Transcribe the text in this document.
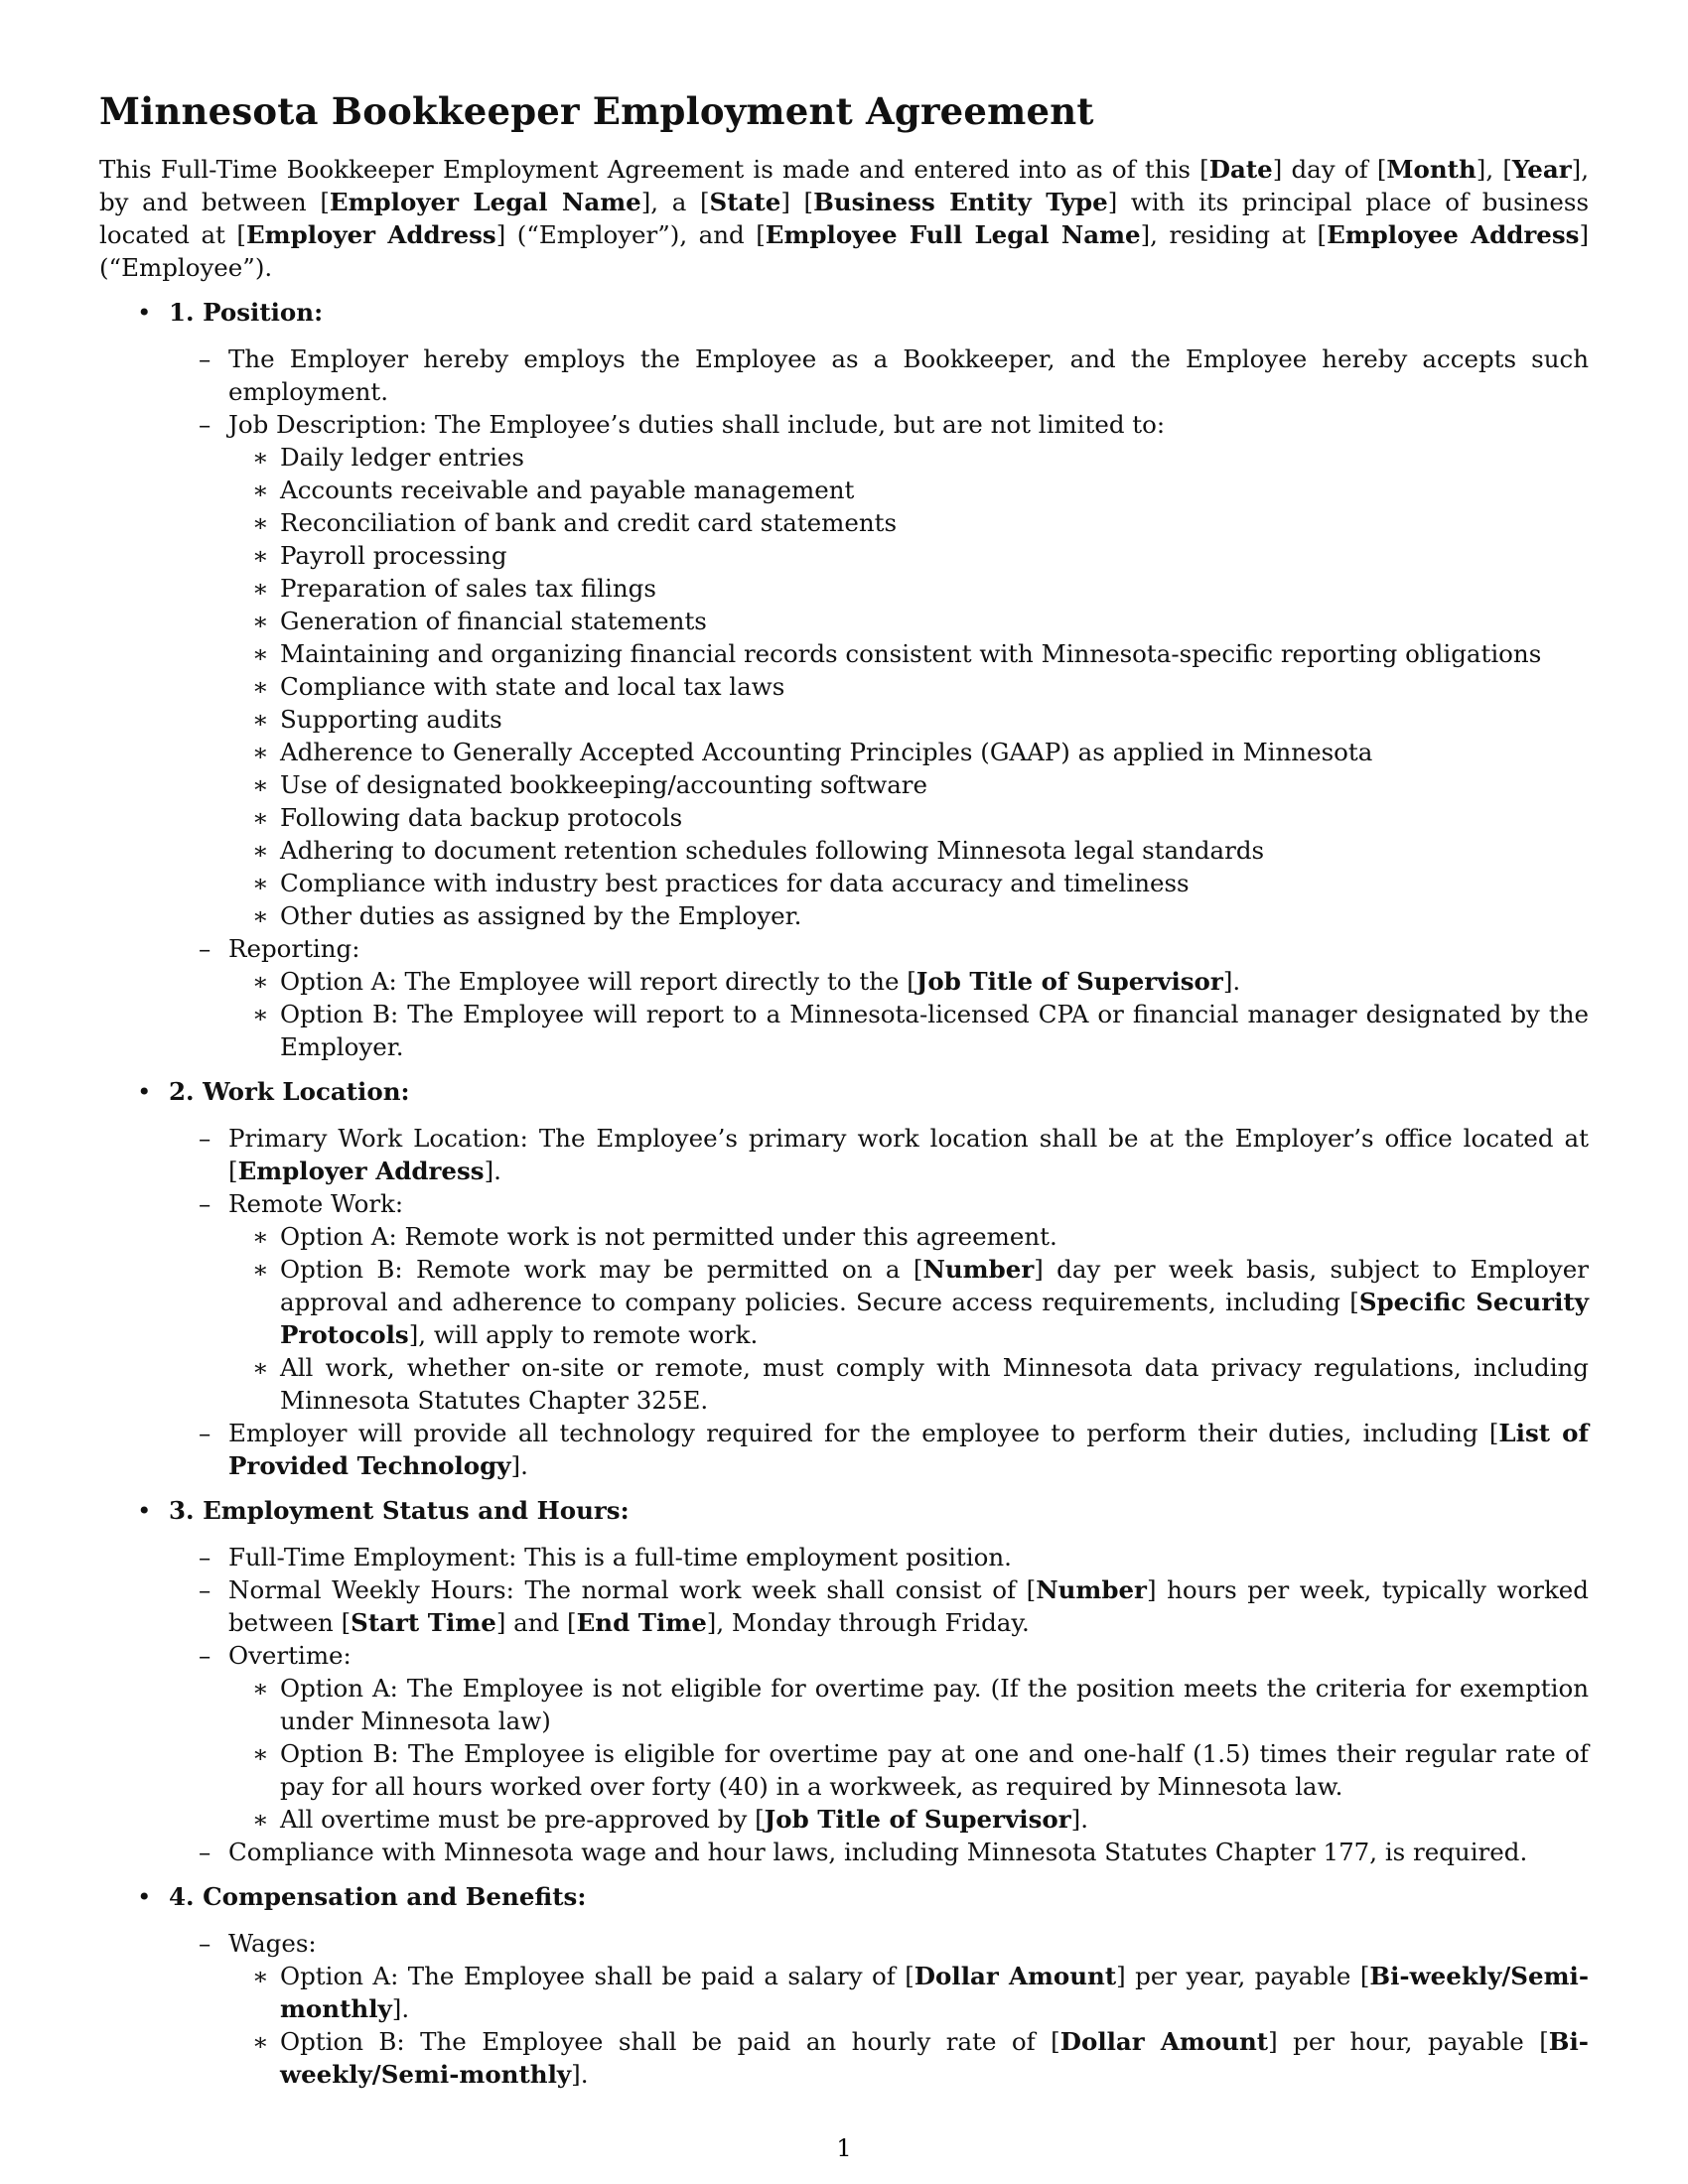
Minnesota Bookkeeper Employment Agreement

This Full-Time Bookkeeper Employment Agreement is made and entered into as of this [Date] day of [Month], [Year], by and between [Employer Legal Name], a [State] [Business Entity Type] with its principal place of business located at [Employer Address] (“Employer”), and [Employee Full Legal Name], residing at [Employee Address] (“Employee”).

• 1. Position:
– The Employer hereby employs the Employee as a Bookkeeper, and the Employee hereby accepts such employment.
– Job Description: The Employee’s duties shall include, but are not limited to:
∗ Daily ledger entries
∗ Accounts receivable and payable management
∗ Reconciliation of bank and credit card statements
∗ Payroll processing
∗ Preparation of sales tax filings
∗ Generation of financial statements
∗ Maintaining and organizing financial records consistent with Minnesota-specific reporting obligations
∗ Compliance with state and local tax laws
∗ Supporting audits
∗ Adherence to Generally Accepted Accounting Principles (GAAP) as applied in Minnesota
∗ Use of designated bookkeeping/accounting software
∗ Following data backup protocols
∗ Adhering to document retention schedules following Minnesota legal standards
∗ Compliance with industry best practices for data accuracy and timeliness
∗ Other duties as assigned by the Employer.
– Reporting:
∗ Option A: The Employee will report directly to the [Job Title of Supervisor].
∗ Option B: The Employee will report to a Minnesota-licensed CPA or financial manager designated by the Employer.
• 2. Work Location:
– Primary Work Location: The Employee’s primary work location shall be at the Employer’s office located at [Employer Address].
– Remote Work:
∗ Option A: Remote work is not permitted under this agreement.
∗ Option B: Remote work may be permitted on a [Number] day per week basis, subject to Employer approval and adherence to company policies. Secure access requirements, including [Specific Security Protocols], will apply to remote work.
∗ All work, whether on-site or remote, must comply with Minnesota data privacy regulations, including Minnesota Statutes Chapter 325E.
– Employer will provide all technology required for the employee to perform their duties, including [List of Provided Technology].
• 3. Employment Status and Hours:
– Full-Time Employment: This is a full-time employment position.
– Normal Weekly Hours: The normal work week shall consist of [Number] hours per week, typically worked between [Start Time] and [End Time], Monday through Friday.
– Overtime:
∗ Option A: The Employee is not eligible for overtime pay. (If the position meets the criteria for exemption under Minnesota law)
∗ Option B: The Employee is eligible for overtime pay at one and one-half (1.5) times their regular rate of pay for all hours worked over forty (40) in a workweek, as required by Minnesota law.
∗ All overtime must be pre-approved by [Job Title of Supervisor].
– Compliance with Minnesota wage and hour laws, including Minnesota Statutes Chapter 177, is required.
• 4. Compensation and Benefits:
– Wages:
∗ Option A: The Employee shall be paid a salary of [Dollar Amount] per year, payable [Bi-weekly/Semi-monthly].
∗ Option B: The Employee shall be paid an hourly rate of [Dollar Amount] per hour, payable [Bi-weekly/Semi-monthly].
1
